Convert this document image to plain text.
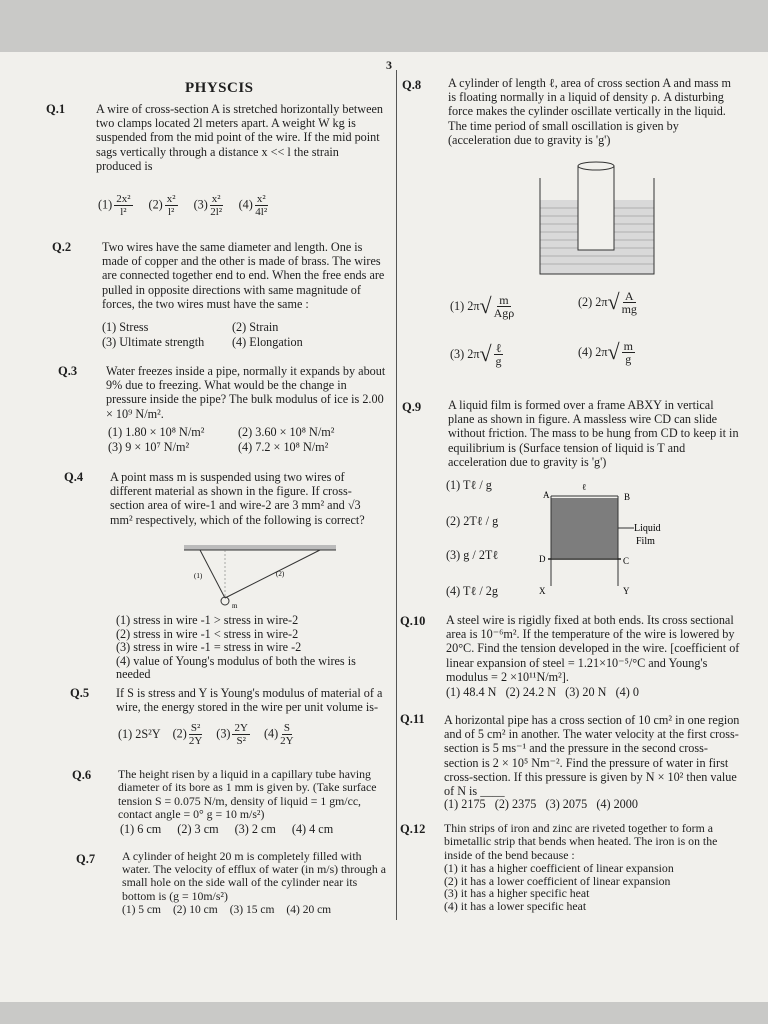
3
PHYSCIS
Q.1	A wire of cross-section A is stretched horizontally between two clamps located 2l meters apart. A weight W kg is suspended from the mid point of the wire. If the mid point sags vertically through a distance x << l the strain produced is
$(1) \frac{\text{2x²}}{\text{l²}} (2) \frac{\text{x²}}{\text{l²}} (3) \frac{\text{x²}}{\text{2l²}} (4) \frac{\text{x²}}{\text{4l²}}$
Q.2	Two wires have the same diameter and length. One is made of copper and the other is made of brass. The wires are connected together end to end. When the free ends are pulled in opposite directions with same magnitude of forces, the two wires must have the same :
(1) Stress	(2) Strain
(3) Ultimate strength	(4) Elongation
Q.3 Water freezes inside a pipe, normally it expands by about 9% due to freezing. What would be the change in pressure inside the pipe? The bulk modulus of ice is 2.00 × 10⁹ N/m².
(1) 1.80 × 10⁸ N/m²	(2) 3.60 × 10⁸ N/m²
(3) 9 × 10⁷ N/m²	(4) 7.2 × 10⁸ N/m²
Q.4 A point mass m is suspended using two wires of different material as shown in the figure. If cross-section area of wire-1 and wire-2 are 3 mm² and √3 mm² respectively, which of the following is correct?
(1)	(2)
m
(1) stress in wire -1 > stress in wire-2
(2) stress in wire -1 < stress in wire-2
(3) stress in wire -1 = stress in wire -2
(4) value of Young's modulus of both the wires is needed
Q.5 If S is stress and Y is Young's modulus of material of a wire, the energy stored in the wire per unit volume is-
(1) 2S²Y $(2) \frac{\text{S²}}{2Y} (3) \frac{2Y}{\text{S²}} (4) \frac{S}{2Y}$
Q.6 The height risen by a liquid in a capillary tube having diameter of its bore as 1 mm is given by. (Take surface tension S = 0.075 N/m, density of liquid = 1 gm/cc, contact angle = 0° g = 10 m/s²)
(1) 6 cm (2) 3 cm (3) 2 cm (4) 4 cm
Q.7 A cylinder of height 20 m is completely filled with water. The velocity of efflux of water (in m/s) through a small hole on the side wall of the cylinder near its bottom is (g = 10m/s²)
(1) 5 cm (2) 10 cm (3) 15 cm (4) 20 cm
Q.8 A cylinder of length ℓ, area of cross section A and mass m is floating normally in a liquid of density ρ. A disturbing force makes the cylinder oscillate vertically in the liquid. The time period of small oscillation is given by (acceleration due to gravity is 'g')
(1) 2π √ $\frac{m}{\text{Agρ}}$	(2) 2π √ $\frac{A}{mg}$
(3) 2π √ $\frac{\text{ℓ}}{g}$	(4) 2π √ $\frac{m}{g}$
Q.9 A liquid film is formed over a frame ABXY in vertical plane as shown in figure. A massless wire CD can slide without friction. The mass to be hung from CD to keep it in equilibrium is (Surface tension of liquid is T and acceleration due to gravity is 'g')
(1) Tℓ / g
(2) 2Tℓ / g
(3) g / 2Tℓ
(4) Tℓ / 2g
A	B
ℓ
D	C
X	Y
Liquid
Film
Q.10 A steel wire is rigidly fixed at both ends. Its cross sectional area is 10⁻⁶m². If the temperature of the wire is lowered by 20°C. Find the tension developed in the wire. [coefficient of linear expansion of steel = 1.21×10⁻⁵/°C and Young's modulus = 2 ×10¹¹N/m²].
(1) 48.4 N   (2) 24.2 N   (3) 20 N   (4) 0
Q.11 A horizontal pipe has a cross section of 10 cm² in one region and of 5 cm² in another. The water velocity at the first cross-section is 5 ms⁻¹ and the pressure in the second cross-section is 2 × 10⁵ Nm⁻². Find the pressure of water in first cross-section. If this pressure is given by N × 10² then value of N is ____
(1) 2175   (2) 2375   (3) 2075   (4) 2000
Q.12 Thin strips of iron and zinc are riveted together to form a bimetallic strip that bends when heated. The iron is on the inside of the bend because :
(1) it has a higher coefficient of linear expansion
(2) it has a lower coefficient of linear expansion
(3) it has a higher specific heat
(4) it has a lower specific heat
